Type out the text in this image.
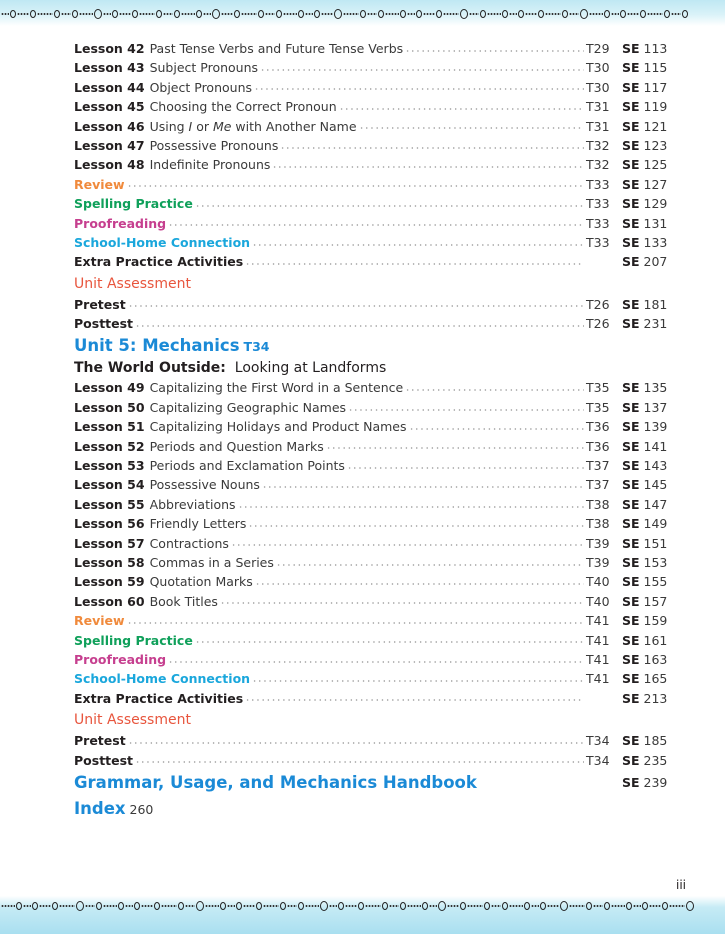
Lesson 42 Past Tense Verbs and Future Tense Verbs	T29 SE 113
Lesson 43 Subject Pronouns	T30 SE 115
Lesson 44 Object Pronouns	T30 SE 117
Lesson 45 Choosing the Correct Pronoun	T31 SE 119
Lesson 46 Using I or Me with Another Name	T31 SE 121
Lesson 47 Possessive Pronouns	T32 SE 123
Lesson 48 Indefinite Pronouns	T32 SE 125
Review	T33 SE 127
Spelling Practice	T33 SE 129
Proofreading	T33 SE 131
School-Home Connection	T33 SE 133
Extra Practice Activities	SE 207
Unit Assessment
Pretest	T26 SE 181
Posttest	T26 SE 231
Unit 5: Mechanics T34
The World Outside:  Looking at Landforms
Lesson 49 Capitalizing the First Word in a Sentence	T35 SE 135
Lesson 50 Capitalizing Geographic Names	T35 SE 137
Lesson 51 Capitalizing Holidays and Product Names	T36 SE 139
Lesson 52 Periods and Question Marks	T36 SE 141
Lesson 53 Periods and Exclamation Points	T37 SE 143
Lesson 54 Possessive Nouns	T37 SE 145
Lesson 55 Abbreviations	T38 SE 147
Lesson 56 Friendly Letters	T38 SE 149
Lesson 57 Contractions	T39 SE 151
Lesson 58 Commas in a Series	T39 SE 153
Lesson 59 Quotation Marks	T40 SE 155
Lesson 60 Book Titles	T40 SE 157
Review	T41 SE 159
Spelling Practice	T41 SE 161
Proofreading	T41 SE 163
School-Home Connection	T41 SE 165
Extra Practice Activities	SE 213
Unit Assessment
Pretest	T34 SE 185
Posttest	T34 SE 235
Grammar, Usage, and Mechanics Handbook	SE 239
Index 260
iii
